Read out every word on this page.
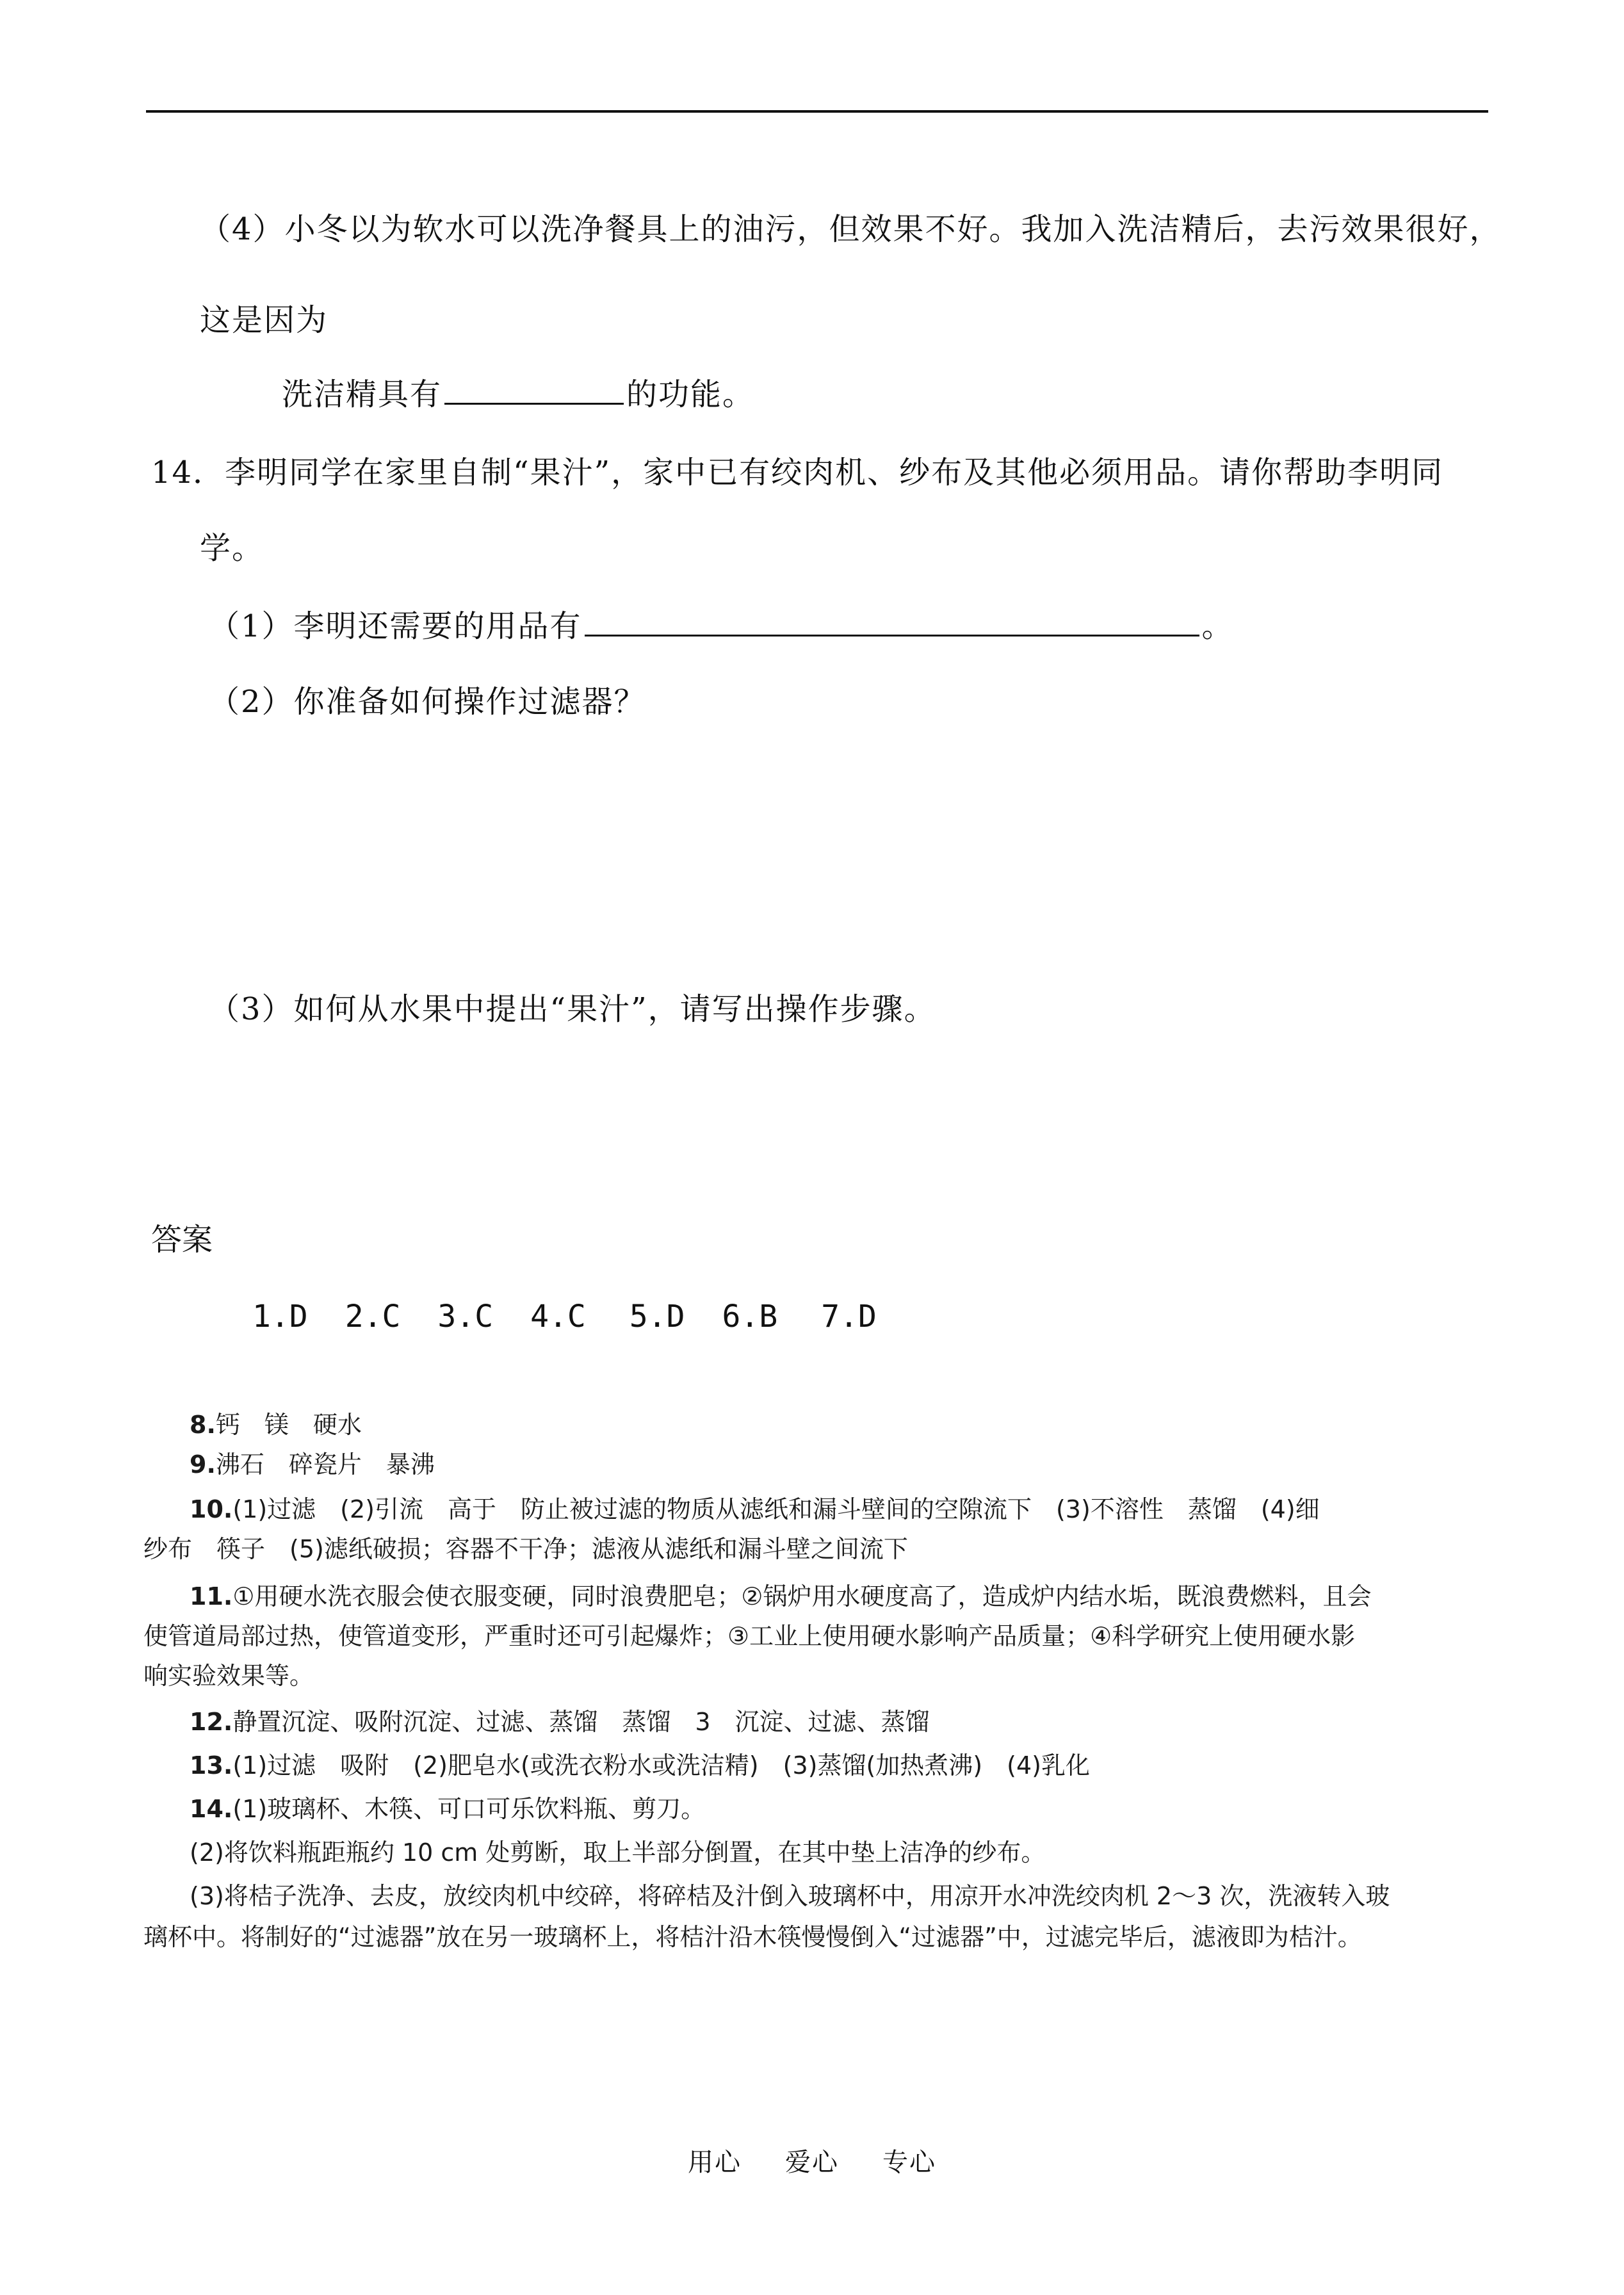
（4）小冬以为软水可以洗净餐具上的油污，但效果不好。我加入洗洁精后，去污效果很好，
这是因为
洗洁精具有	的功能。
14．李明同学在家里自制“果汁”，家中已有绞肉机、纱布及其他必须用品。请你帮助李明同
学。
（1）李明还需要的用品有	。
（2）你准备如何操作过滤器？
（3）如何从水果中提出“果汁”，请写出操作步骤。
答案
1.D 2.C 3.C 4.C 5.D 6.B 7.D
8.钙　镁　硬水
9.沸石　碎瓷片　暴沸
10.(1)过滤　(2)引流　高于　防止被过滤的物质从滤纸和漏斗壁间的空隙流下　(3)不溶性　蒸馏　(4)细
纱布　筷子　(5)滤纸破损；容器不干净；滤液从滤纸和漏斗壁之间流下
11.①用硬水洗衣服会使衣服变硬，同时浪费肥皂；②锅炉用水硬度高了，造成炉内结水垢，既浪费燃料，且会
使管道局部过热，使管道变形，严重时还可引起爆炸；③工业上使用硬水影响产品质量；④科学研究上使用硬水影
响实验效果等。
12.静置沉淀、吸附沉淀、过滤、蒸馏　蒸馏　3　沉淀、过滤、蒸馏
13.(1)过滤　吸附　(2)肥皂水(或洗衣粉水或洗洁精)　(3)蒸馏(加热煮沸)　(4)乳化
14.(1)玻璃杯、木筷、可口可乐饮料瓶、剪刀。
(2)将饮料瓶距瓶约 10 cm 处剪断，取上半部分倒置，在其中垫上洁净的纱布。
(3)将桔子洗净、去皮，放绞肉机中绞碎，将碎桔及汁倒入玻璃杯中，用凉开水冲洗绞肉机 2～3 次，洗液转入玻
璃杯中。将制好的“过滤器”放在另一玻璃杯上，将桔汁沿木筷慢慢倒入“过滤器”中，过滤完毕后，滤液即为桔汁。
用心 爱心 专心
